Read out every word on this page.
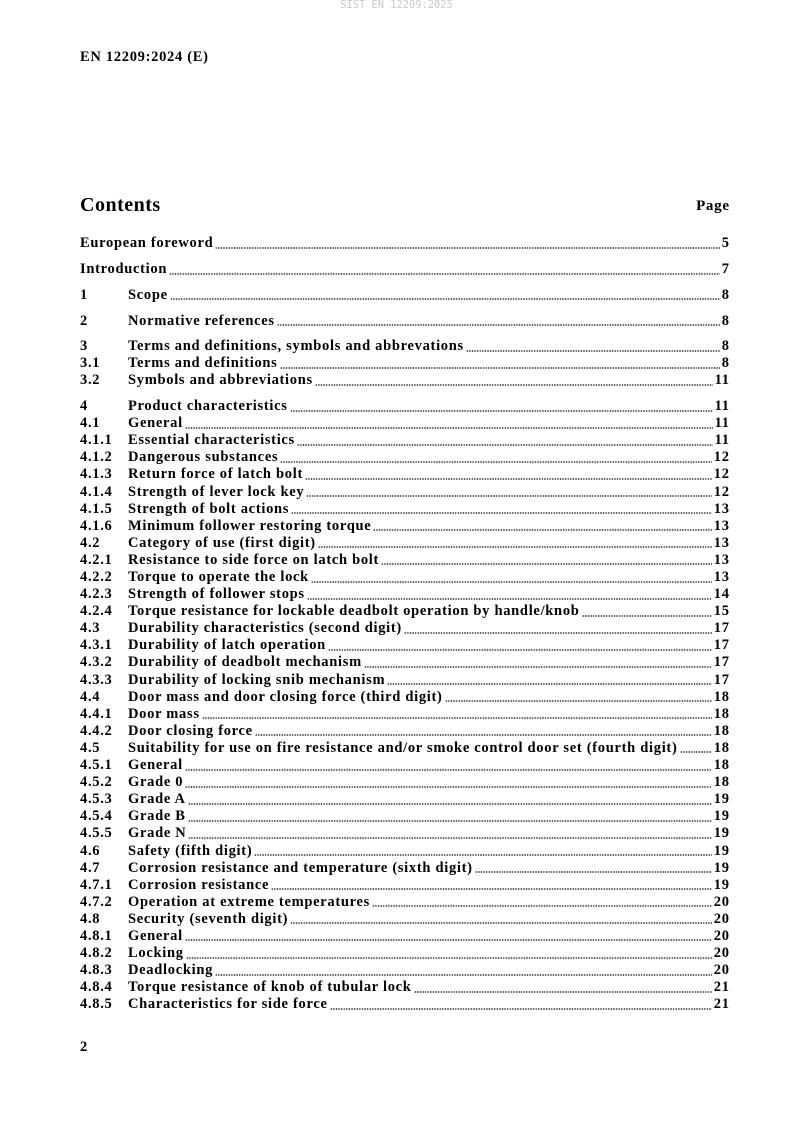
SIST EN 12209:2025
EN 12209:2024 (E)
Contents	Page
European foreword	5
Introduction	7
1	Scope	8
2	Normative references	8
3	Terms and definitions, symbols and abbrevations	8
3.1	Terms and definitions	8
3.2	Symbols and abbreviations	11
4	Product characteristics	11
4.1	General	11
4.1.1	Essential characteristics	11
4.1.2	Dangerous substances	12
4.1.3	Return force of latch bolt	12
4.1.4	Strength of lever lock key	12
4.1.5	Strength of bolt actions	13
4.1.6	Minimum follower restoring torque	13
4.2	Category of use (first digit)	13
4.2.1	Resistance to side force on latch bolt	13
4.2.2	Torque to operate the lock	13
4.2.3	Strength of follower stops	14
4.2.4	Torque resistance for lockable deadbolt operation by handle/knob	15
4.3	Durability characteristics (second digit)	17
4.3.1	Durability of latch operation	17
4.3.2	Durability of deadbolt mechanism	17
4.3.3	Durability of locking snib mechanism	17
4.4	Door mass and door closing force (third digit)	18
4.4.1	Door mass	18
4.4.2	Door closing force	18
4.5	Suitability for use on fire resistance and/or smoke control door set (fourth digit)	18
4.5.1	General	18
4.5.2	Grade 0	18
4.5.3	Grade A	19
4.5.4	Grade B	19
4.5.5	Grade N	19
4.6	Safety (fifth digit)	19
4.7	Corrosion resistance and temperature (sixth digit)	19
4.7.1	Corrosion resistance	19
4.7.2	Operation at extreme temperatures	20
4.8	Security (seventh digit)	20
4.8.1	General	20
4.8.2	Locking	20
4.8.3	Deadlocking	20
4.8.4	Torque resistance of knob of tubular lock	21
4.8.5	Characteristics for side force	21
2
